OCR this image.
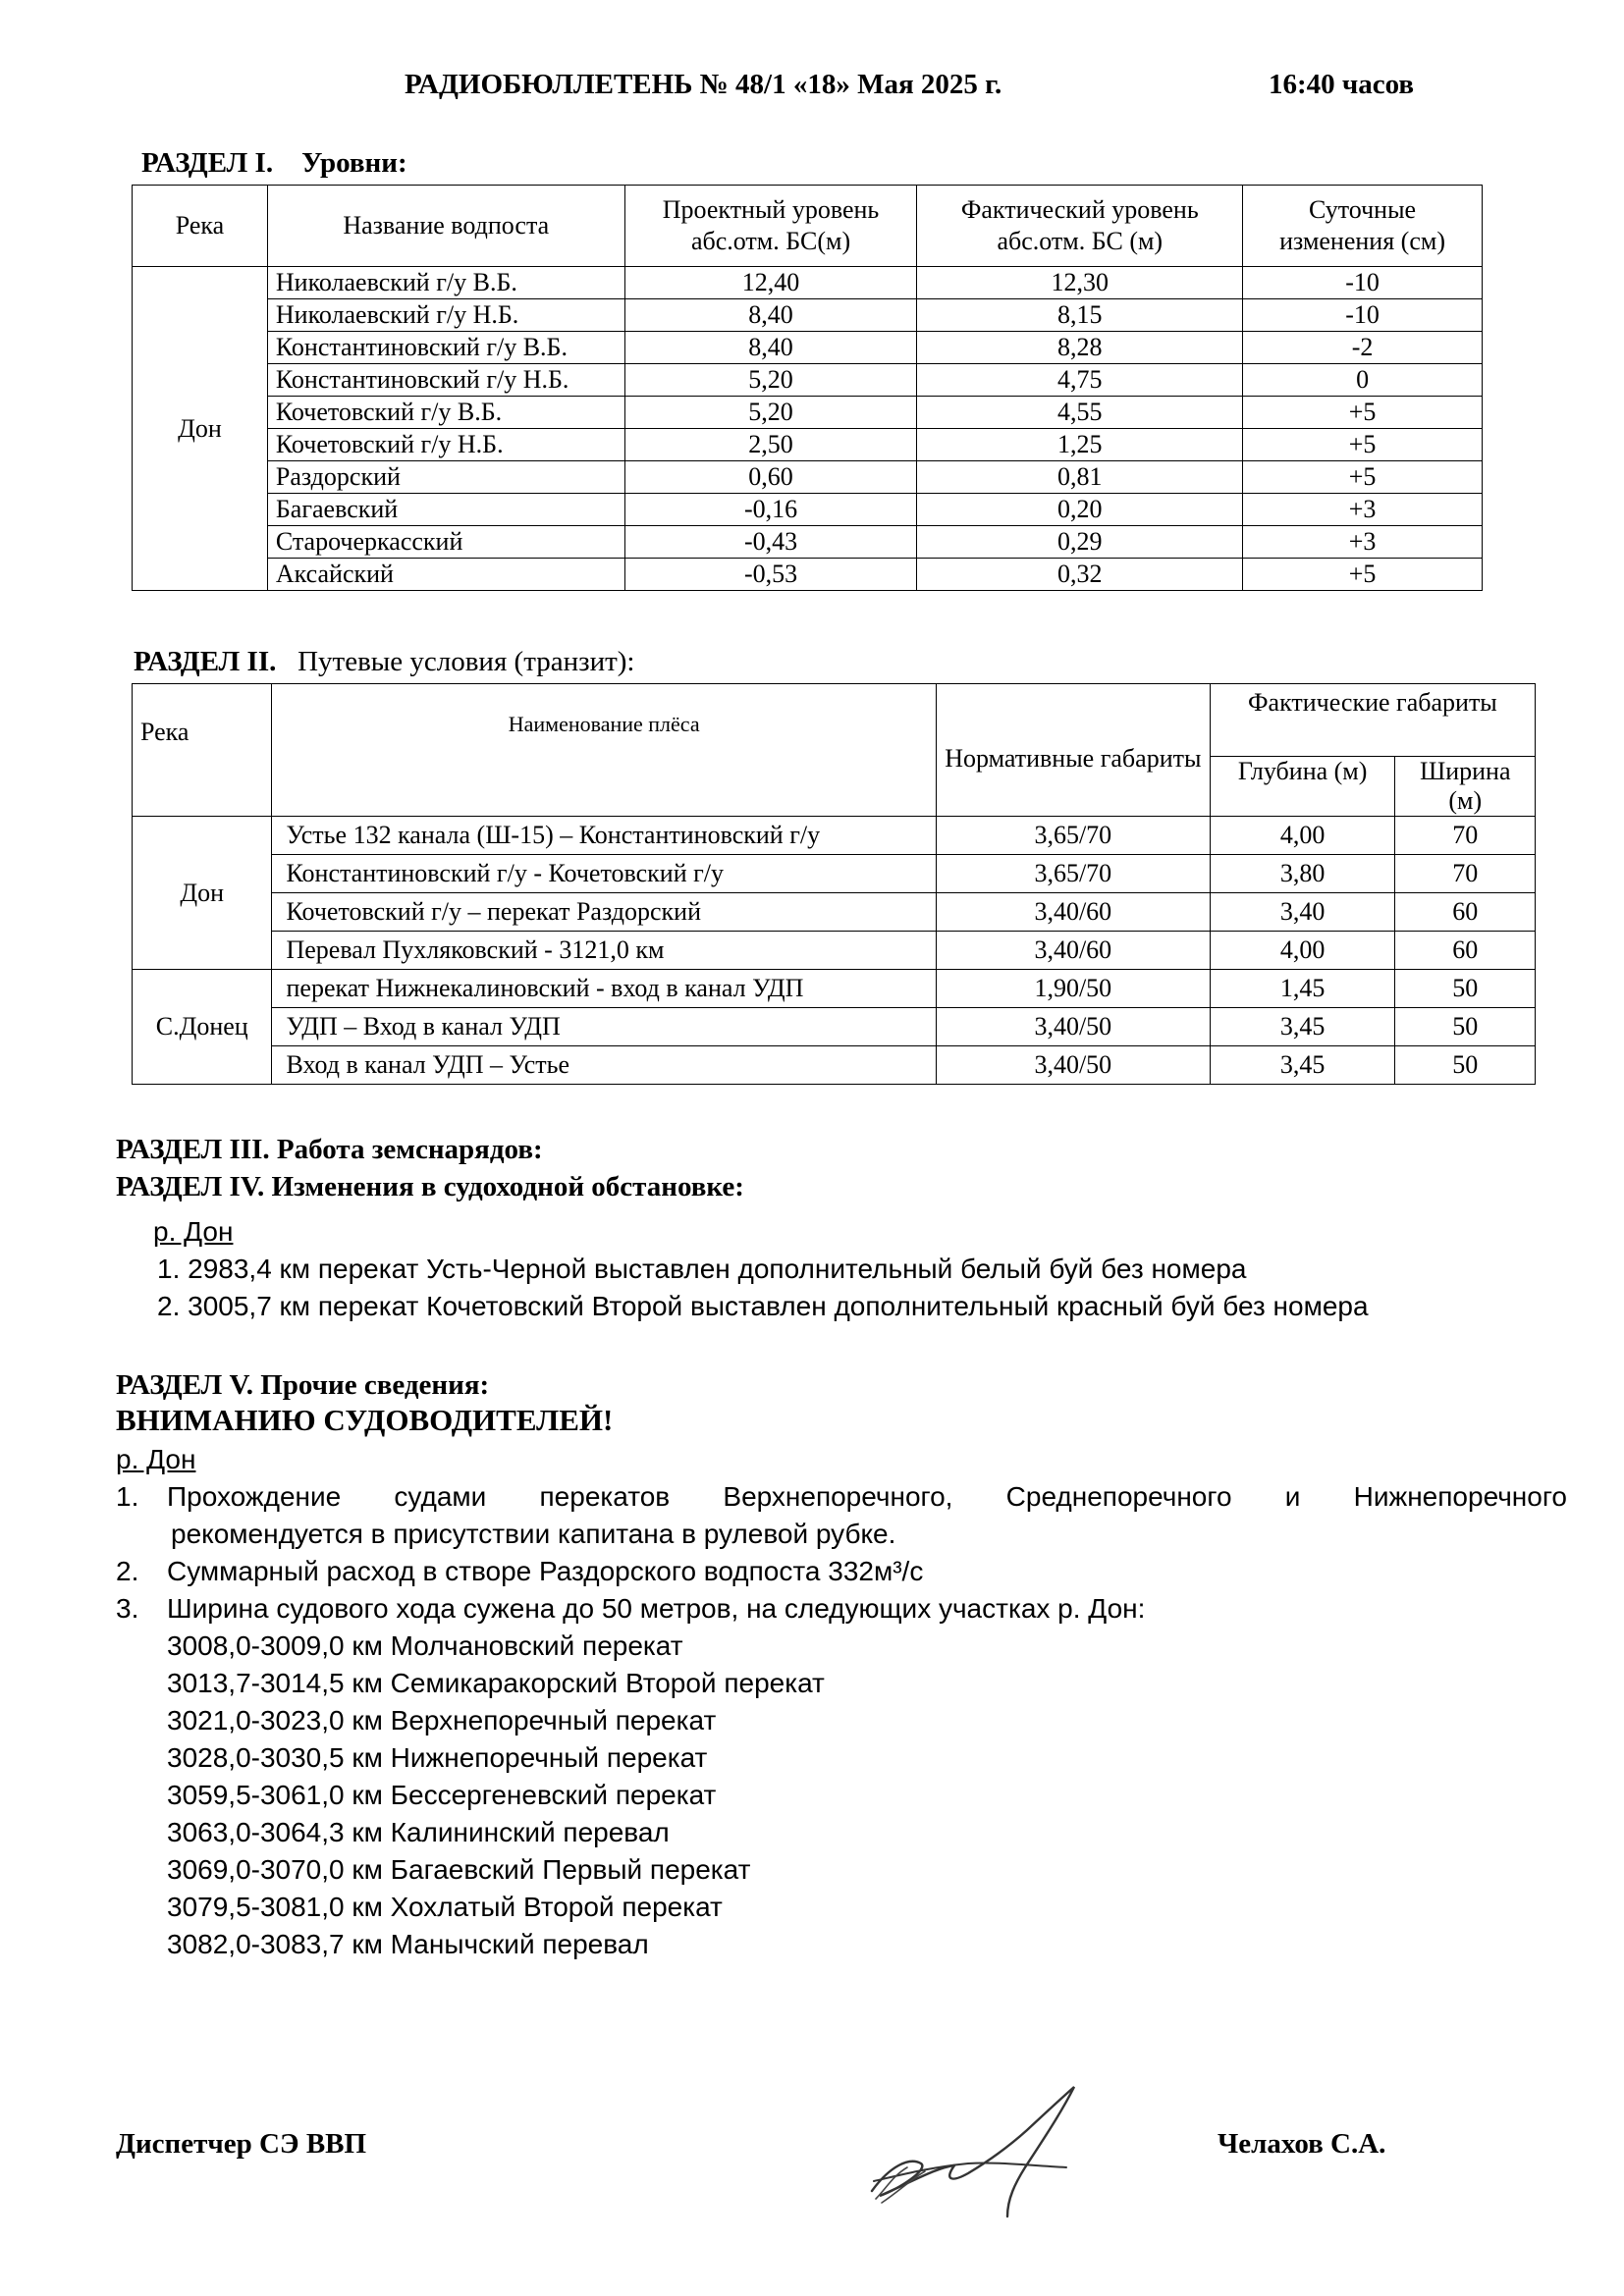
РАДИОБЮЛЛЕТЕНЬ № 48/1 «18» Мая 2025 г.	16:40 часов
РАЗДЕЛ I. Уровни:
Река	Название водпоста	Проектный уровень абс.отм. БС(м)	Фактический уровень абс.отм. БС (м)	Суточные изменения (см)
Дон	Николаевский г/у В.Б.	12,40	12,30	-10
	Николаевский г/у Н.Б.	8,40	8,15	-10
	Константиновский г/у В.Б.	8,40	8,28	-2
	Константиновский г/у Н.Б.	5,20	4,75	0
	Кочетовский г/у В.Б.	5,20	4,55	+5
	Кочетовский г/у Н.Б.	2,50	1,25	+5
	Раздорский	0,60	0,81	+5
	Багаевский	-0,16	0,20	+3
	Старочеркасский	-0,43	0,29	+3
	Аксайский	-0,53	0,32	+5
РАЗДЕЛ II. Путевые условия (транзит):
Река	Наименование плёса	Нормативные габариты	Фактические габариты	
			Глубина (м)	Ширина (м)
Дон	Устье 132 канала (Ш-15) – Константиновский г/у	3,65/70	4,00	70
	Константиновский г/у - Кочетовский г/у	3,65/70	3,80	70
	Кочетовский г/у – перекат Раздорский	3,40/60	3,40	60
	Перевал Пухляковский - 3121,0 км	3,40/60	4,00	60
С.Донец	перекат Нижнекалиновский - вход в канал УДП	1,90/50	1,45	50
	УДП – Вход в канал УДП	3,40/50	3,45	50
	Вход в канал УДП – Устье	3,40/50	3,45	50
РАЗДЕЛ III. Работа земснарядов:
РАЗДЕЛ IV. Изменения в судоходной обстановке:
р. Дон
1. 2983,4 км перекат Усть-Черной выставлен дополнительный белый буй без номера
2. 3005,7 км перекат Кочетовский Второй выставлен дополнительный красный буй без номера
РАЗДЕЛ V. Прочие сведения:
ВНИМАНИЮ СУДОВОДИТЕЛЕЙ!
р. Дон
1. Прохождение судами перекатов Верхнепоречного, Среднепоречного и Нижнепоречного
рекомендуется в присутствии капитана в рулевой рубке.
2. Суммарный расход в створе Раздорского водпоста 332м³/с
3. Ширина судового хода сужена до 50 метров, на следующих участках р. Дон:
3008,0-3009,0 км Молчановский перекат
3013,7-3014,5 км Семикаракорский Второй перекат
3021,0-3023,0 км Верхнепоречный перекат
3028,0-3030,5 км Нижнепоречный перекат
3059,5-3061,0 км Бессергеневский перекат
3063,0-3064,3 км Калининский перевал
3069,0-3070,0 км Багаевский Первый перекат
3079,5-3081,0 км Хохлатый Второй перекат
3082,0-3083,7 км Манычский перевал
Диспетчер СЭ ВВП	Челахов С.А.
